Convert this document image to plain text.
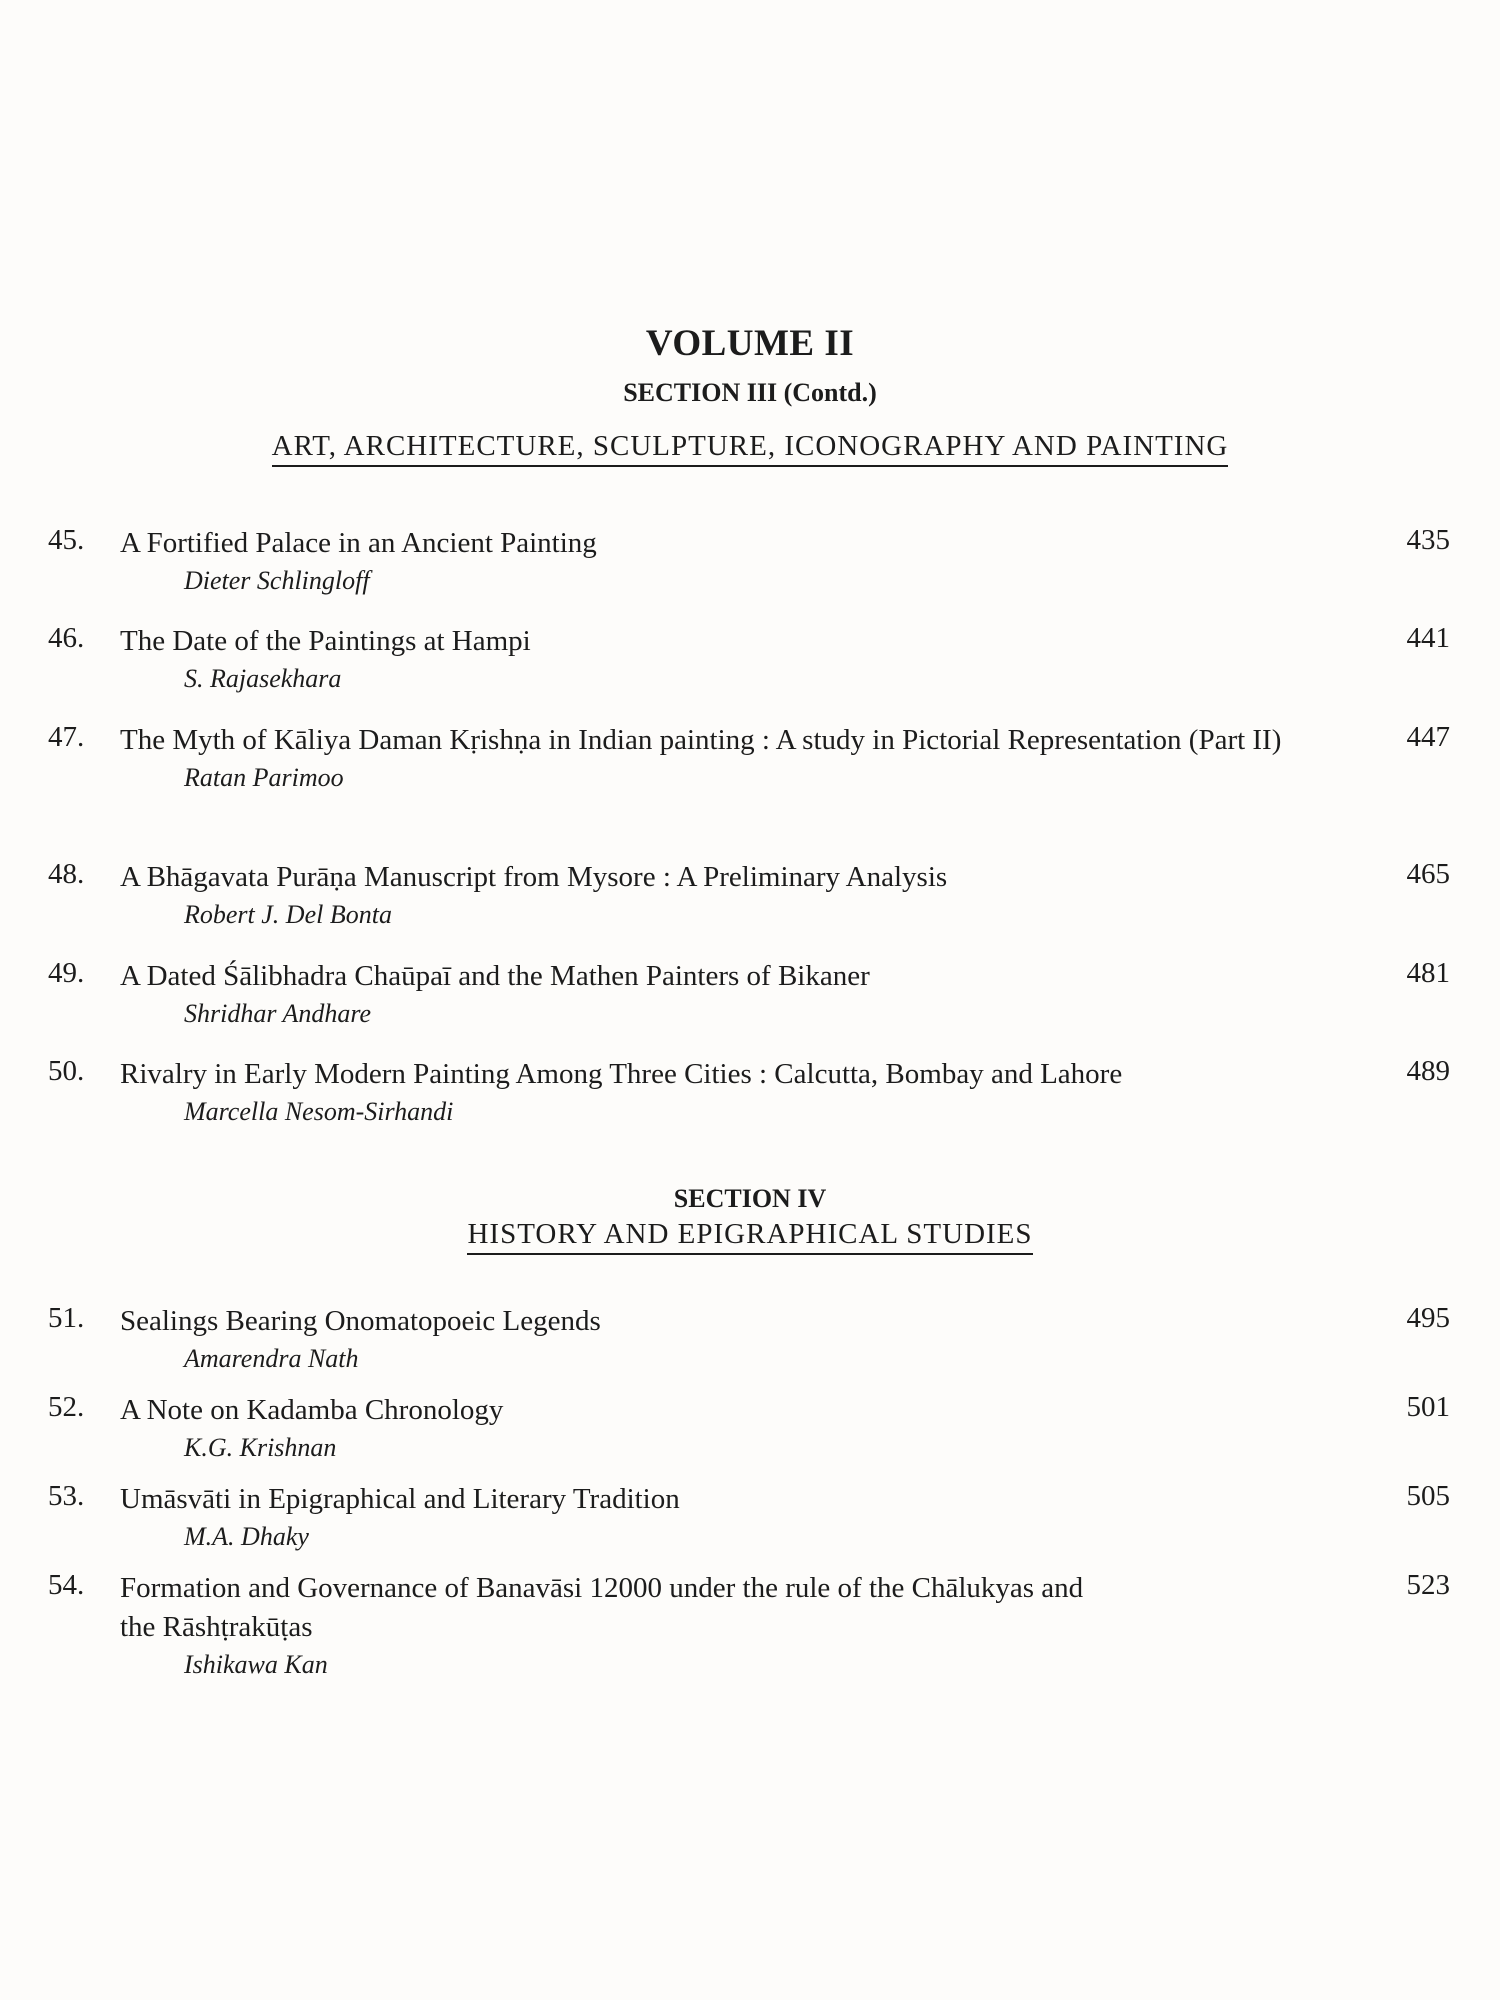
VOLUME II
SECTION III (Contd.)
ART, ARCHITECTURE, SCULPTURE, ICONOGRAPHY AND PAINTING
45. A Fortified Palace in an Ancient Painting
Dieter Schlingloff
435
46. The Date of the Paintings at Hampi
S. Rajasekhara
441
47. The Myth of Kāliya Daman Kṛishṇa in Indian painting : A study in Pictorial Representation (Part II)
Ratan Parimoo
447
48. A Bhāgavata Purāṇa Manuscript from Mysore : A Preliminary Analysis
Robert J. Del Bonta
465
49. A Dated Śālibhadra Chaūpaī and the Mathen Painters of Bikaner
Shridhar Andhare
481
50. Rivalry in Early Modern Painting Among Three Cities : Calcutta, Bombay and Lahore
Marcella Nesom-Sirhandi
489
SECTION IV
HISTORY AND EPIGRAPHICAL STUDIES
51. Sealings Bearing Onomatopoeic Legends
Amarendra Nath
495
52. A Note on Kadamba Chronology
K.G. Krishnan
501
53. Umāsvāti in Epigraphical and Literary Tradition
M.A. Dhaky
505
54. Formation and Governance of Banavāsi 12000 under the rule of the Chālukyas and the Rāshṭrakūṭas
Ishikawa Kan
523
